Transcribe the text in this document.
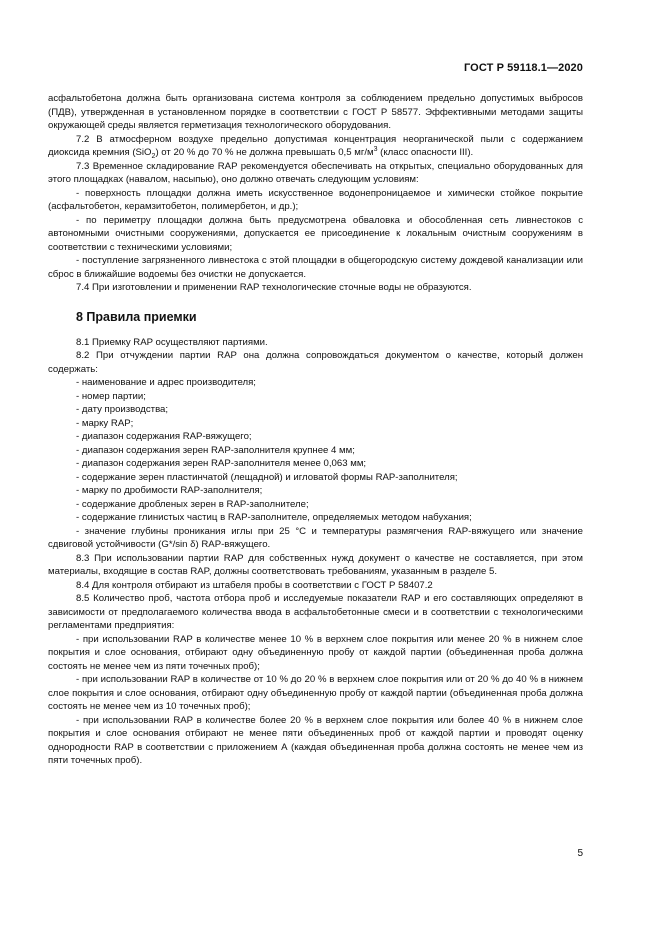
ГОСТ Р 59118.1—2020

асфальтобетона должна быть организована система контроля за соблюдением предельно допустимых выбросов (ПДВ), утвержденная в установленном порядке в соответствии с ГОСТ Р 58577. Эффективными методами защиты окружающей среды является герметизация технологического оборудования.

7.2 В атмосферном воздухе предельно допустимая концентрация неорганической пыли с содержанием диоксида кремния (SiO$_2$) от 20 % до 70 % не должна превышать 0,5 $мг/м^3$ (класс опасности III).

7.3 Временное складирование RAP рекомендуется обеспечивать на открытых, специально оборудованных для этого площадках (навалом, насыпью), оно должно отвечать следующим условиям:

- поверхность площадки должна иметь искусственное водонепроницаемое и химически стойкое покрытие (асфальтобетон, керамзитобетон, полимербетон, и др.);

- по периметру площадки должна быть предусмотрена обваловка и обособленная сеть ливнестоков с автономными очистными сооружениями, допускается ее присоединение к локальным очистным сооружениям в соответствии с техническими условиями;

- поступление загрязненного ливнестока с этой площадки в общегородскую систему дождевой канализации или сброс в ближайшие водоемы без очистки не допускается.

7.4 При изготовлении и применении RAP технологические сточные воды не образуются.

8 Правила приемки

8.1 Приемку RAP осуществляют партиями.

8.2 При отчуждении партии RAP она должна сопровождаться документом о качестве, который должен содержать:

- наименование и адрес производителя;

- номер партии;

- дату производства;

- марку RAP;

- диапазон содержания RAP-вяжущего;

- диапазон содержания зерен RAP-заполнителя крупнее 4 мм;

- диапазон содержания зерен RAP-заполнителя менее 0,063 мм;

- содержание зерен пластинчатой (лещадной) и игловатой формы RAP-заполнителя;

- марку по дробимости RAP-заполнителя;

- содержание дробленых зерен в RAP-заполнителе;

- содержание глинистых частиц в RAP-заполнителе, определяемых методом набухания;

- значение глубины проникания иглы при 25 °С и температуры размягчения RAP-вяжущего или значение сдвиговой устойчивости (G*/sin δ) RAP-вяжущего.

8.3 При использовании партии RAP для собственных нужд документ о качестве не составляется, при этом материалы, входящие в состав RAP, должны соответствовать требованиям, указанным в разделе 5.

8.4 Для контроля отбирают из штабеля пробы в соответствии с ГОСТ Р 58407.2

8.5 Количество проб, частота отбора проб и исследуемые показатели RAP и его составляющих определяют в зависимости от предполагаемого количества ввода в асфальтобетонные смеси и в соответствии с технологическими регламентами предприятия:

- при использовании RAP в количестве менее 10 % в верхнем слое покрытия или менее 20 % в нижнем слое покрытия и слое основания, отбирают одну объединенную пробу от каждой партии (объединенная проба должна состоять не менее чем из пяти точечных проб);

- при использовании RAP в количестве от 10 % до 20 % в верхнем слое покрытия или от 20 % до 40 % в нижнем слое покрытия и слое основания, отбирают одну объединенную пробу от каждой партии (объединенная проба должна состоять не менее чем из 10 точечных проб);

- при использовании RAP в количестве более 20 % в верхнем слое покрытия или более 40 % в нижнем слое покрытия и слое основания отбирают не менее пяти объединенных проб от каждой партии и проводят оценку однородности RAP в соответствии с приложением А (каждая объединенная проба должна состоять не менее чем из пяти точечных проб).

5
